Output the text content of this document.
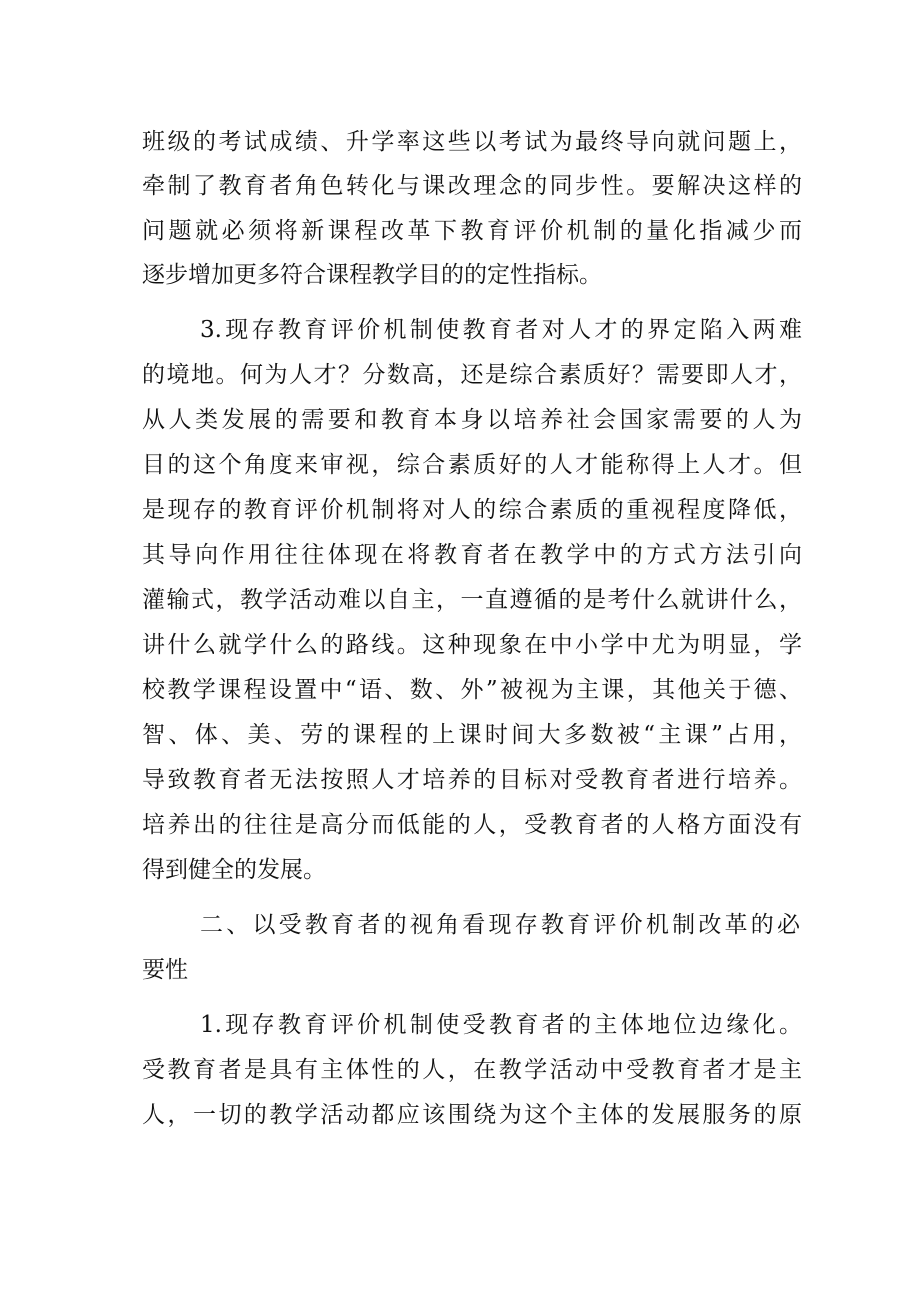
班级的考试成绩、升学率这些以考试为最终导向就问题上，
牵制了教育者角色转化与课改理念的同步性。要解决这样的
问题就必须将新课程改革下教育评价机制的量化指减少而
逐步增加更多符合课程教学目的的定性指标。
3.现存教育评价机制使教育者对人才的界定陷入两难
的境地。何为人才？分数高，还是综合素质好？需要即人才，
从人类发展的需要和教育本身以培养社会国家需要的人为
目的这个角度来审视，综合素质好的人才能称得上人才。但
是现存的教育评价机制将对人的综合素质的重视程度降低，
其导向作用往往体现在将教育者在教学中的方式方法引向
灌输式，教学活动难以自主，一直遵循的是考什么就讲什么，
讲什么就学什么的路线。这种现象在中小学中尤为明显，学
校教学课程设置中“语、数、外”被视为主课，其他关于德、
智、体、美、劳的课程的上课时间大多数被“主课”占用，
导致教育者无法按照人才培养的目标对受教育者进行培养。
培养出的往往是高分而低能的人，受教育者的人格方面没有
得到健全的发展。
二、以受教育者的视角看现存教育评价机制改革的必
要性
1.现存教育评价机制使受教育者的主体地位边缘化。
受教育者是具有主体性的人，在教学活动中受教育者才是主
人，一切的教学活动都应该围绕为这个主体的发展服务的原
